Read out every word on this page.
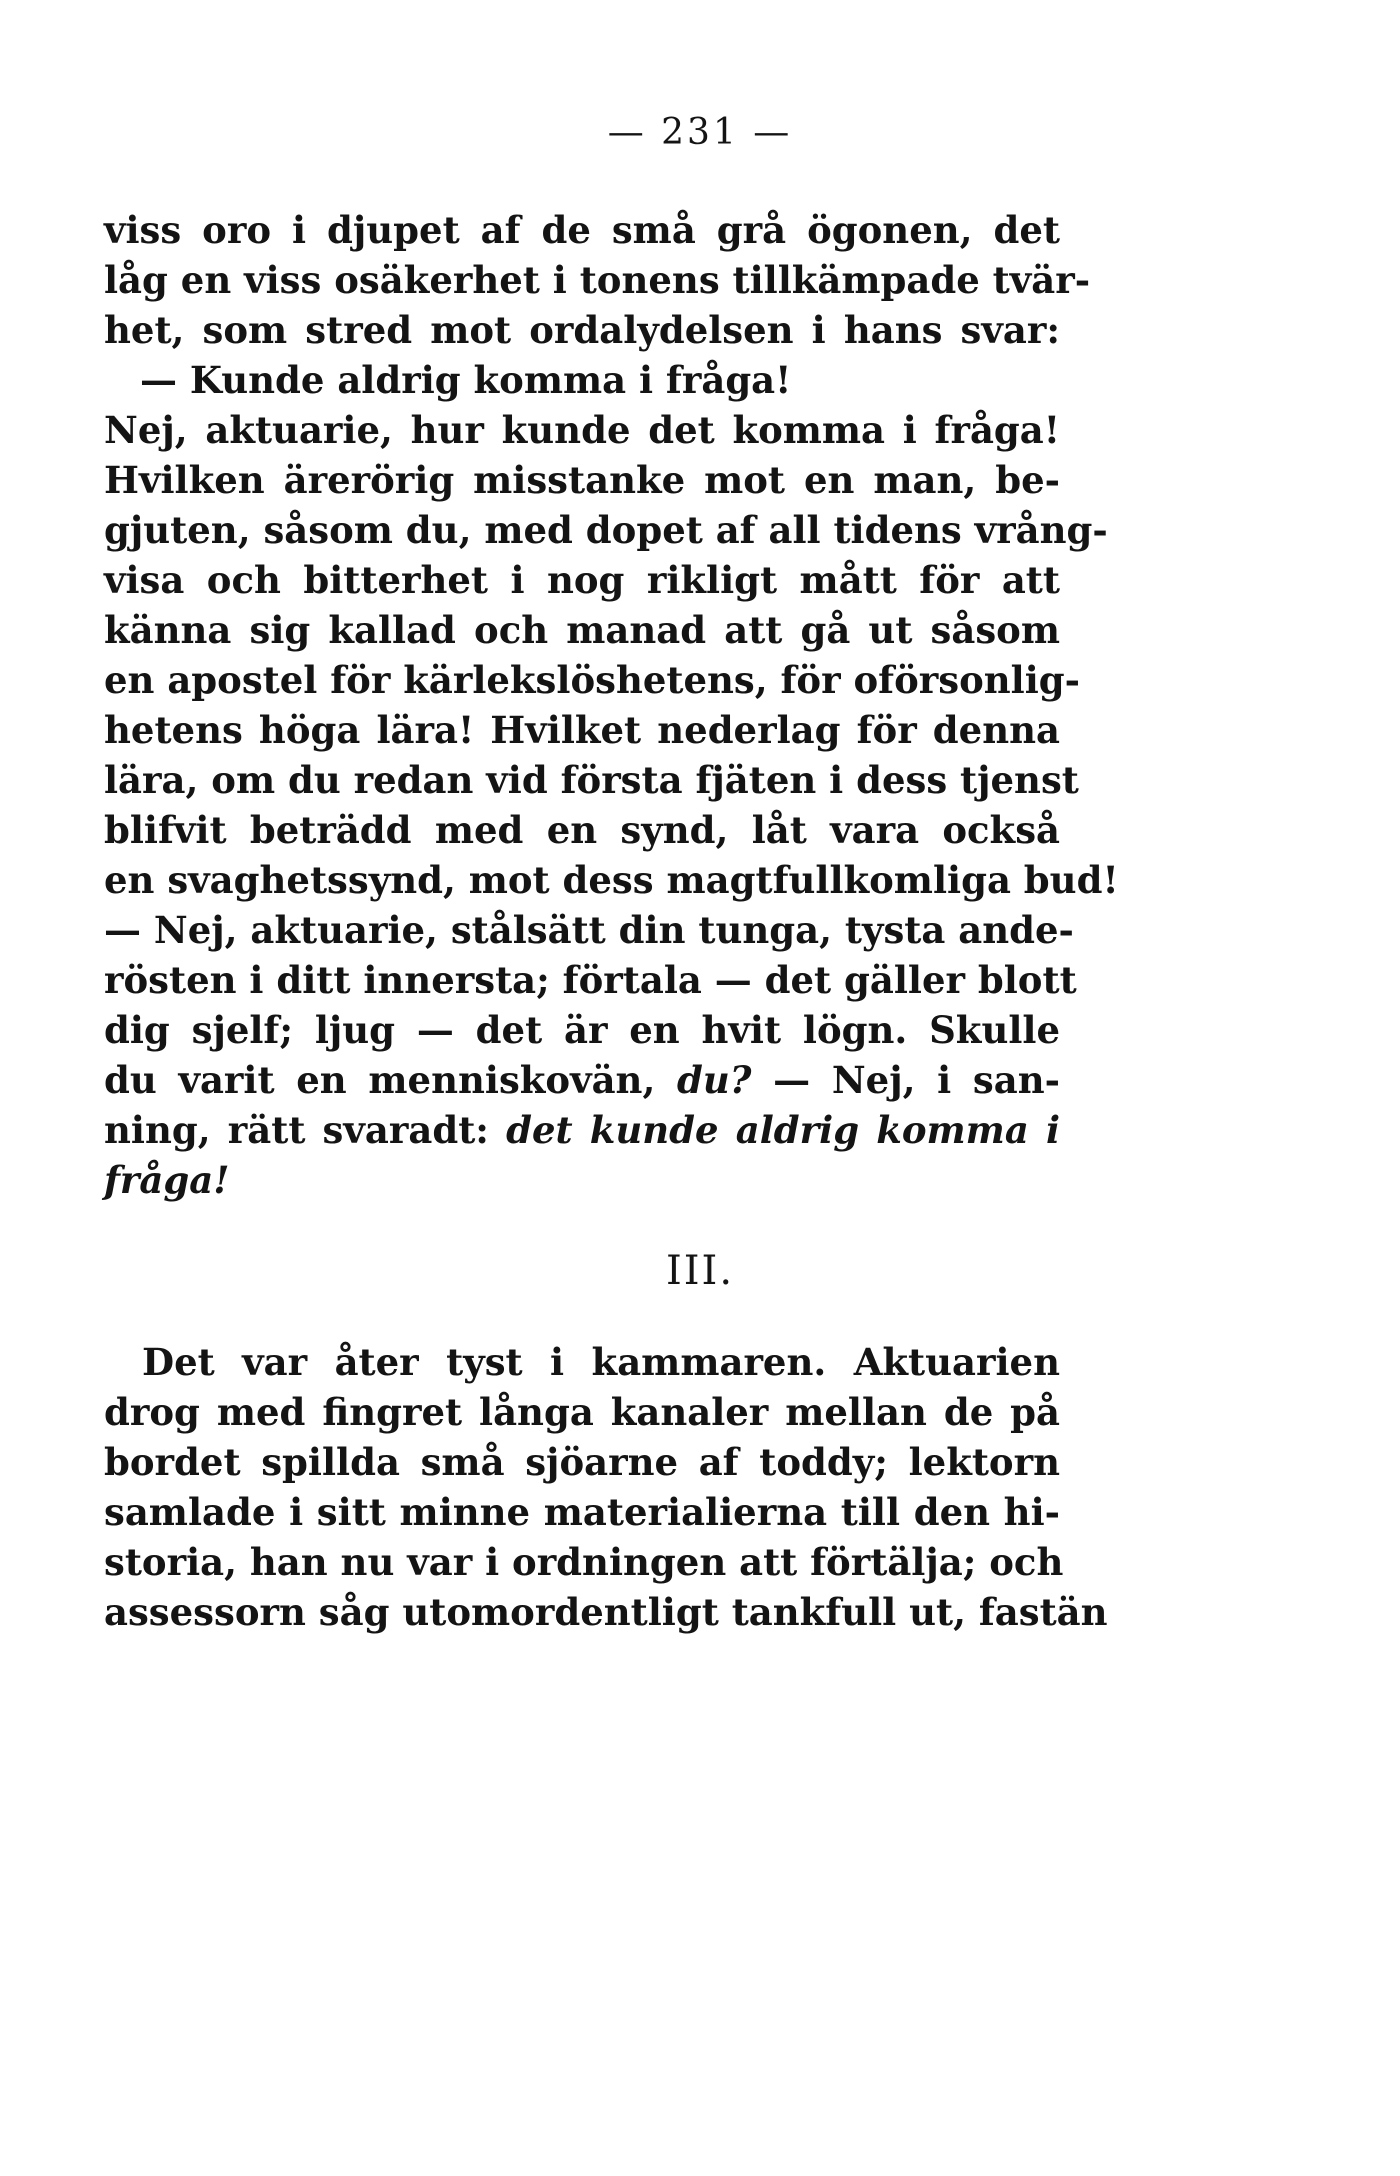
— 231 —
viss oro i djupet af de små grå ögonen, det
låg en viss osäkerhet i tonens tillkämpade tvär-
het, som stred mot ordalydelsen i hans svar:
— Kunde aldrig komma i fråga!
Nej, aktuarie, hur kunde det komma i fråga!
Hvilken ärerörig misstanke mot en man, be-
gjuten, såsom du, med dopet af all tidens vrång-
visa och bitterhet i nog rikligt mått för att
känna sig kallad och manad att gå ut såsom
en apostel för kärlekslöshetens, för oförsonlig-
hetens höga lära! Hvilket nederlag för denna
lära, om du redan vid första fjäten i dess tjenst
blifvit beträdd med en synd, låt vara också
en svaghetssynd, mot dess magtfullkomliga bud!
— Nej, aktuarie, stålsätt din tunga, tysta ande-
rösten i ditt innersta; förtala — det gäller blott
dig sjelf; ljug — det är en hvit lögn. Skulle
du varit en menniskovän, du? — Nej, i san-
ning, rätt svaradt: det kunde aldrig komma i
fråga!
III.
Det var åter tyst i kammaren. Aktuarien
drog med fingret långa kanaler mellan de på
bordet spillda små sjöarne af toddy; lektorn
samlade i sitt minne materialierna till den hi-
storia, han nu var i ordningen att förtälja; och
assessorn såg utomordentligt tankfull ut, fastän
